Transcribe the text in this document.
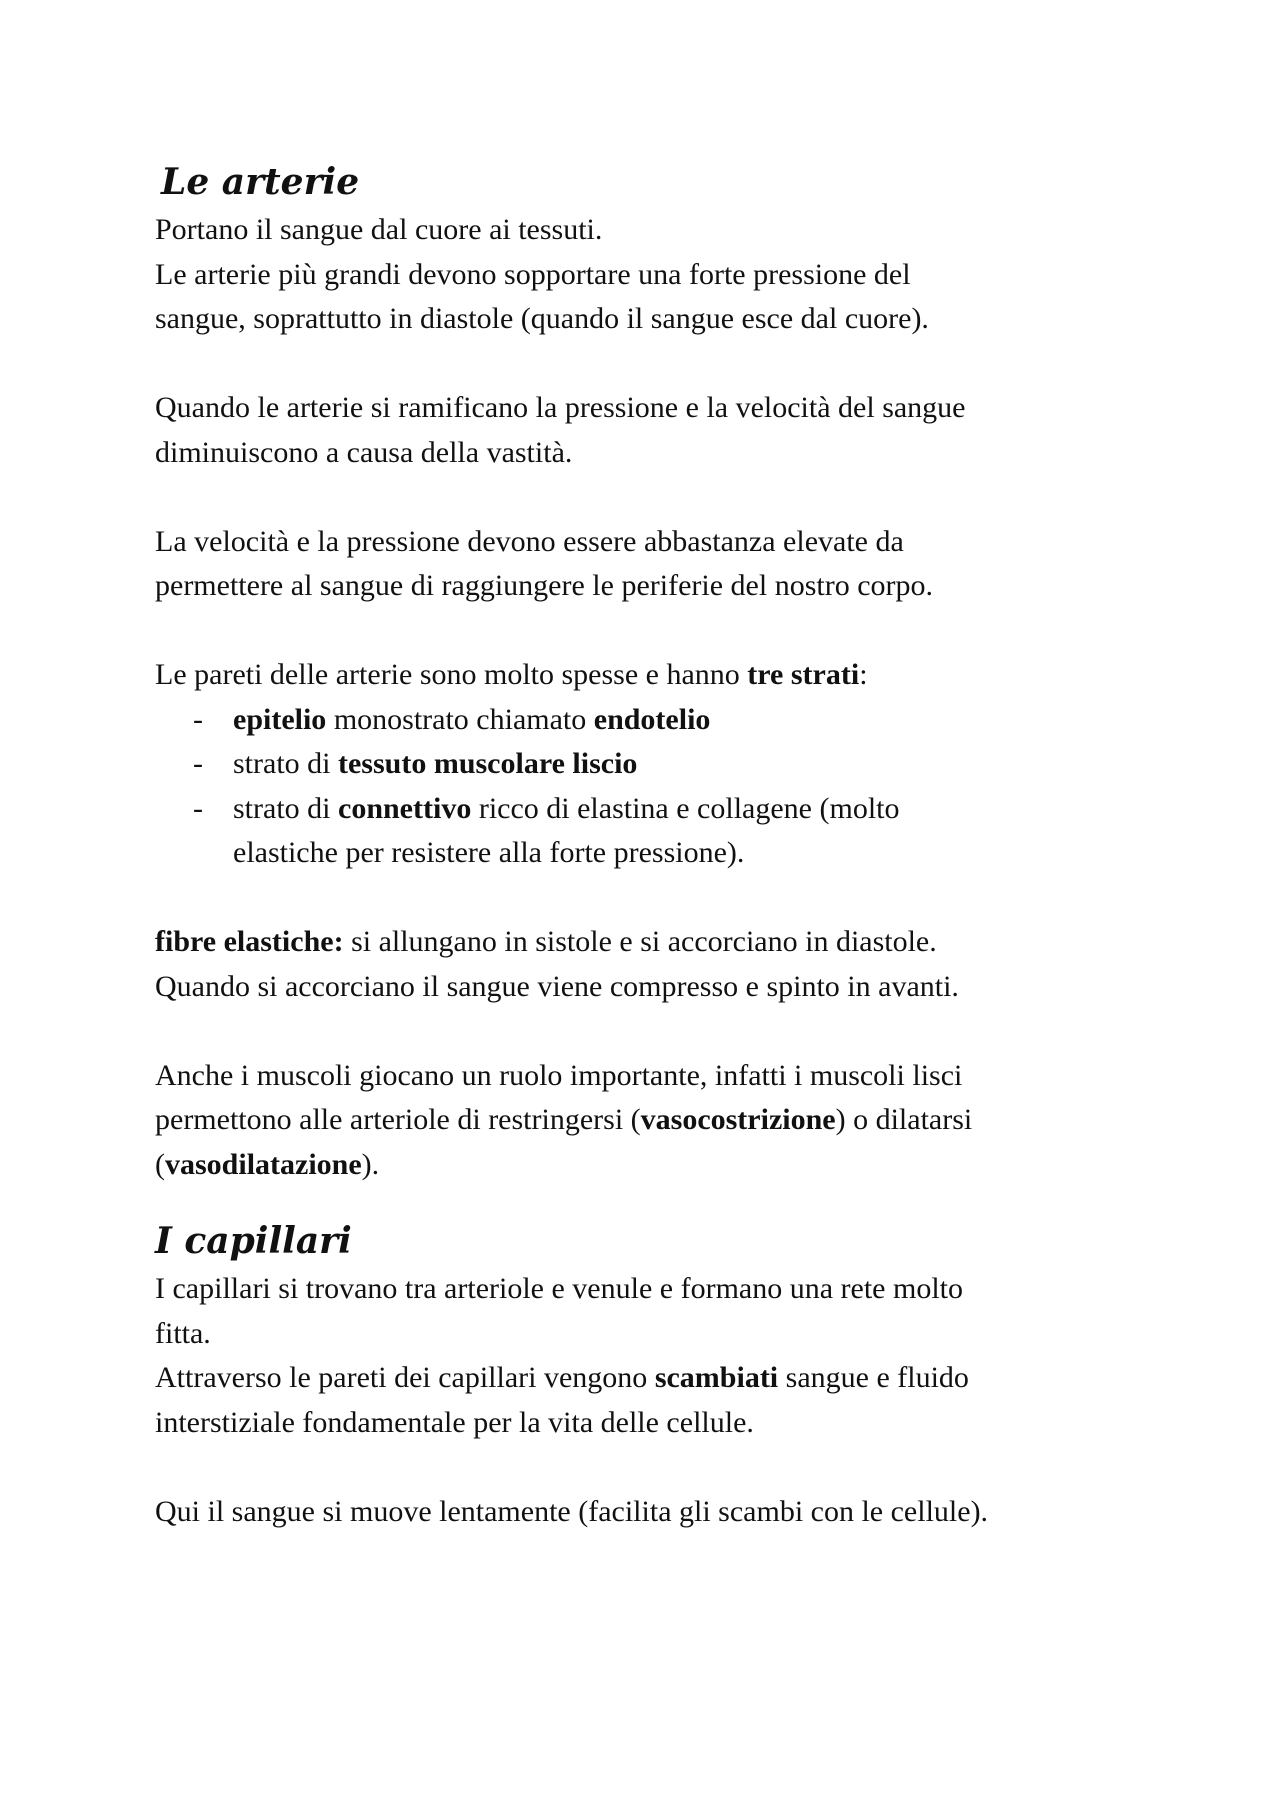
Le arterie

Portano il sangue dal cuore ai tessuti.
Le arterie più grandi devono sopportare una forte pressione del
sangue, soprattutto in diastole (quando il sangue esce dal cuore).

Quando le arterie si ramificano la pressione e la velocità del sangue
diminuiscono a causa della vastità.

La velocità e la pressione devono essere abbastanza elevate da
permettere al sangue di raggiungere le periferie del nostro corpo.

Le pareti delle arterie sono molto spesse e hanno tre strati:

- epitelio monostrato chiamato endotelio
- strato di tessuto muscolare liscio
- strato di connettivo ricco di elastina e collagene (molto
elastiche per resistere alla forte pressione).

fibre elastiche: si allungano in sistole e si accorciano in diastole.
Quando si accorciano il sangue viene compresso e spinto in avanti.

Anche i muscoli giocano un ruolo importante, infatti i muscoli lisci
permettono alle arteriole di restringersi (vasocostrizione) o dilatarsi
(vasodilatazione).

I capillari

I capillari si trovano tra arteriole e venule e formano una rete molto
fitta.
Attraverso le pareti dei capillari vengono scambiati sangue e fluido
interstiziale fondamentale per la vita delle cellule.

Qui il sangue si muove lentamente (facilita gli scambi con le cellule).
